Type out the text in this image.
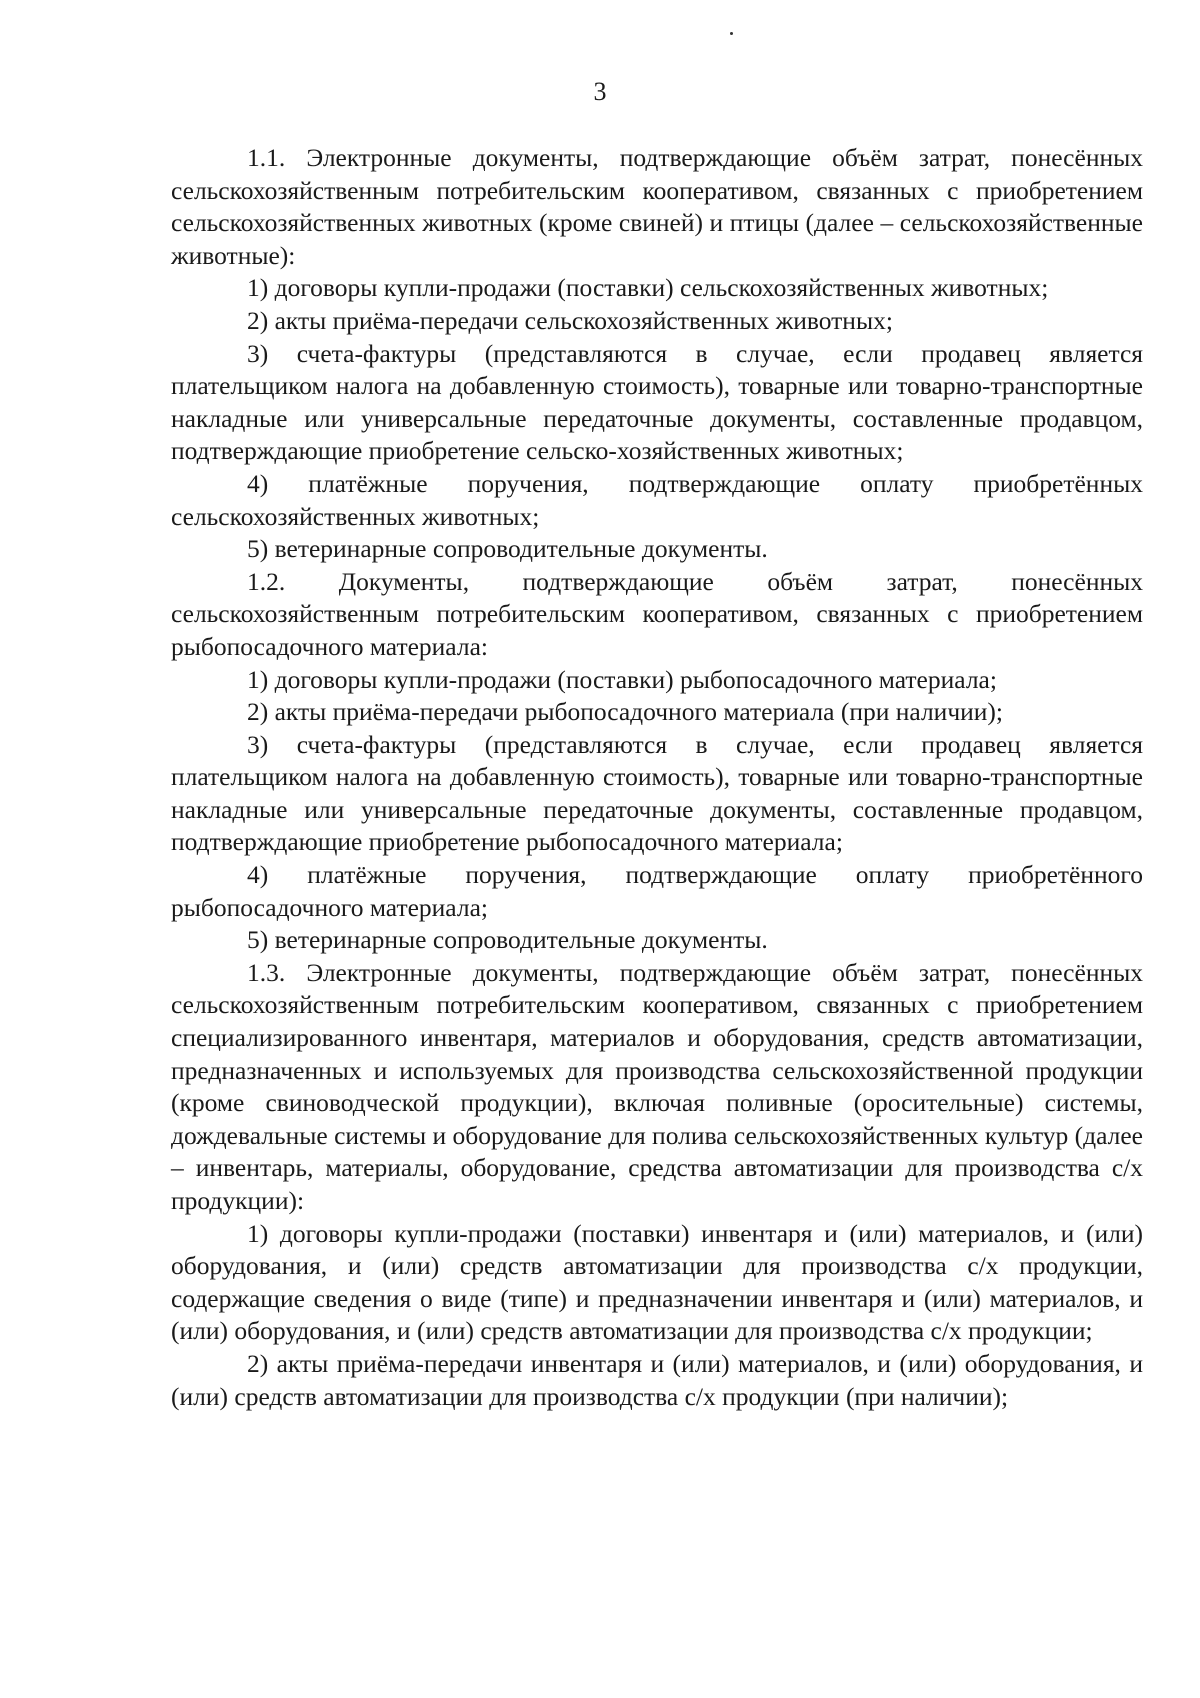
3

1.1. Электронные документы, подтверждающие объём затрат, понесённых сельскохозяйственным потребительским кооперативом, связанных с приобретением сельскохозяйственных животных (кроме свиней) и птицы (далее – сельскохозяйственные животные):

1) договоры купли-продажи (поставки) сельскохозяйственных животных;

2) акты приёма-передачи сельскохозяйственных животных;

3) счета-фактуры (представляются в случае, если продавец является плательщиком налога на добавленную стоимость), товарные или товарно-транспортные накладные или универсальные передаточные документы, составленные продавцом, подтверждающие приобретение сельско-хозяйственных животных;

4) платёжные поручения, подтверждающие оплату приобретённых сельскохозяйственных животных;

5) ветеринарные сопроводительные документы.

1.2. Документы, подтверждающие объём затрат, понесённых сельскохозяйственным потребительским кооперативом, связанных с приобретением рыбопосадочного материала:

1) договоры купли-продажи (поставки) рыбопосадочного материала;

2) акты приёма-передачи рыбопосадочного материала (при наличии);

3) счета-фактуры (представляются в случае, если продавец является плательщиком налога на добавленную стоимость), товарные или товарно-транспортные накладные или универсальные передаточные документы, составленные продавцом, подтверждающие приобретение рыбопосадочного материала;

4) платёжные поручения, подтверждающие оплату приобретённого рыбопосадочного материала;

5) ветеринарные сопроводительные документы.

1.3. Электронные документы, подтверждающие объём затрат, понесённых сельскохозяйственным потребительским кооперативом, связанных с приобретением специализированного инвентаря, материалов и оборудования, средств автоматизации, предназначенных и используемых для производства сельскохозяйственной продукции (кроме свиноводческой продукции), включая поливные (оросительные) системы, дождевальные системы и оборудование для полива сельскохозяйственных культур (далее – инвентарь, материалы, оборудование, средства автоматизации для производства с/х продукции):

1) договоры купли-продажи (поставки) инвентаря и (или) материалов, и (или) оборудования, и (или) средств автоматизации для производства с/х продукции, содержащие сведения о виде (типе) и предназначении инвентаря и (или) материалов, и (или) оборудования, и (или) средств автоматизации для производства с/х продукции;

2) акты приёма-передачи инвентаря и (или) материалов, и (или) оборудования, и (или) средств автоматизации для производства с/х продукции (при наличии);
